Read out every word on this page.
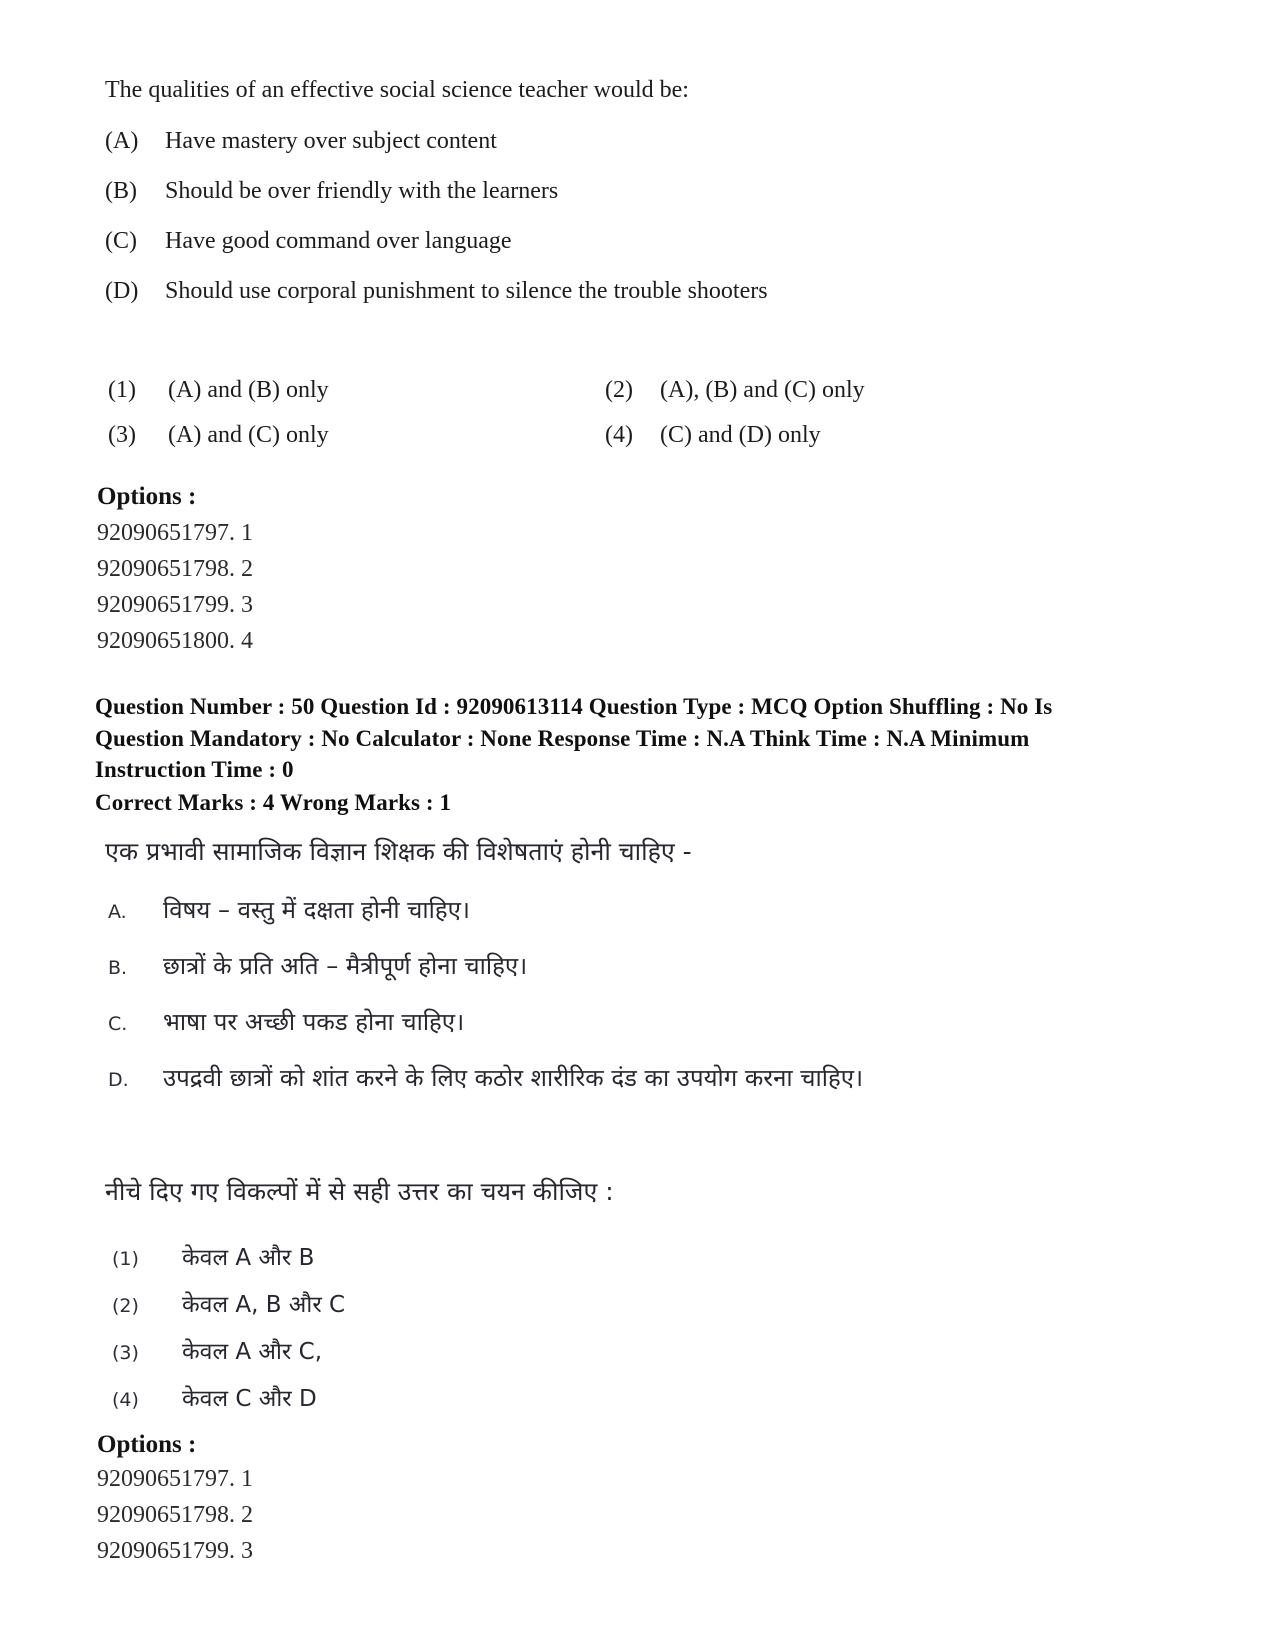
The qualities of an effective social science teacher would be:
(A)	Have mastery over subject content
(B)	Should be over friendly with the learners
(C)	Have good command over language
(D)	Should use corporal punishment to silence the trouble shooters
(1)	(A) and (B) only	(2)	(A), (B) and (C) only
(3)	(A) and (C) only	(4)	(C) and (D) only
Options :
92090651797. 1
92090651798. 2
92090651799. 3
92090651800. 4
Question Number : 50 Question Id : 92090613114 Question Type : MCQ Option Shuffling : No Is
Question Mandatory : No Calculator : None Response Time : N.A Think Time : N.A Minimum
Instruction Time : 0
Correct Marks : 4 Wrong Marks : 1
एक प्रभावी सामाजिक विज्ञान शिक्षक की विशेषताएं होनी चाहिए -
A.	विषय – वस्तु में दक्षता होनी चाहिए।
B.	छात्रों के प्रति अति – मैत्रीपूर्ण होना चाहिए।
C.	भाषा पर अच्छी पकड होना चाहिए।
D.	उपद्रवी छात्रों को शांत करने के लिए कठोर शारीरिक दंड का उपयोग करना चाहिए।
नीचे दिए गए विकल्पों में से सही उत्तर का चयन कीजिए :
(1)	केवल A और B
(2)	केवल A, B और C
(3)	केवल A और C,
(4)	केवल C और D
Options :
92090651797. 1
92090651798. 2
92090651799. 3
